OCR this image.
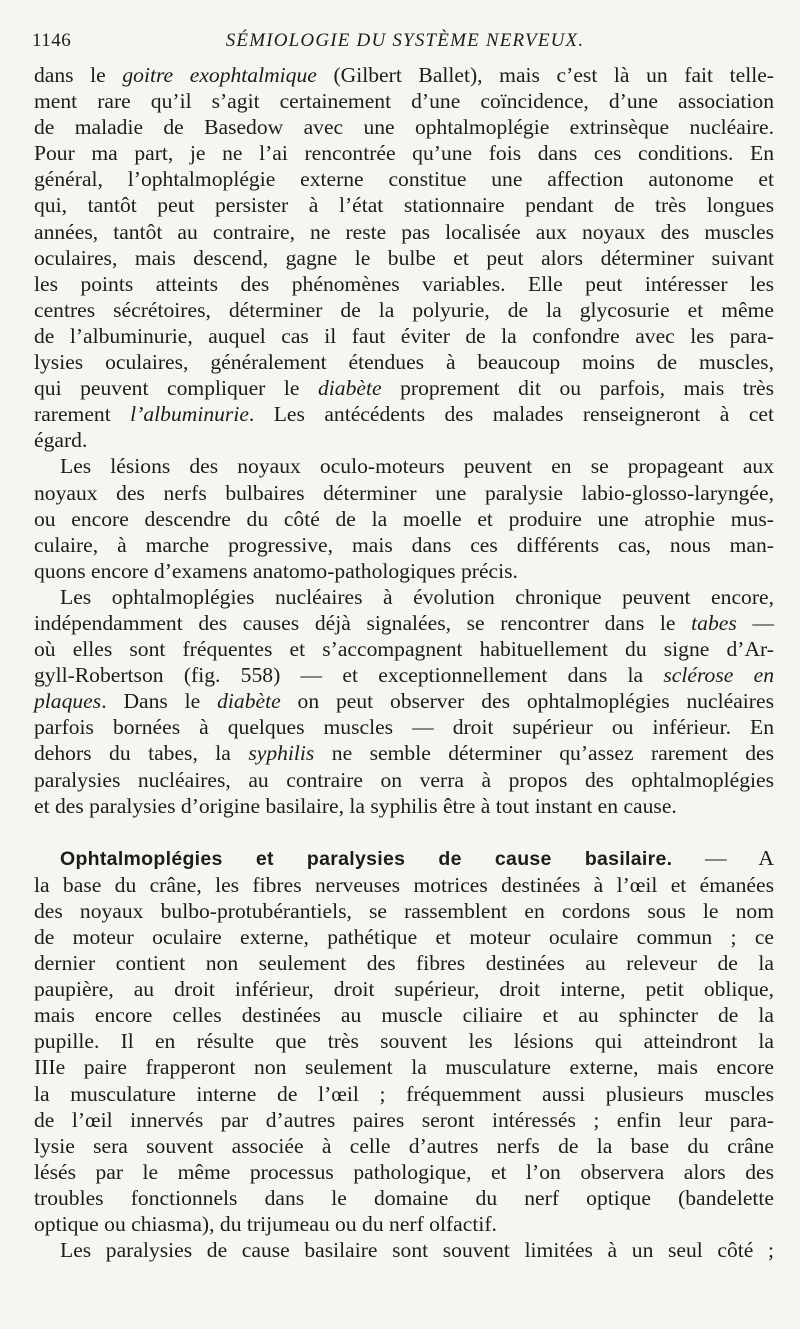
1146	SÉMIOLOGIE DU SYSTÈME NERVEUX.
dans le goitre exophtalmique (Gilbert Ballet), mais c’est là un fait telle-
ment rare qu’il s’agit certainement d’une coïncidence, d’une association
de maladie de Basedow avec une ophtalmoplégie extrinsèque nucléaire.
Pour ma part, je ne l’ai rencontrée qu’une fois dans ces conditions. En
général, l’ophtalmoplégie externe constitue une affection autonome et
qui, tantôt peut persister à l’état stationnaire pendant de très longues
années, tantôt au contraire, ne reste pas localisée aux noyaux des muscles
oculaires, mais descend, gagne le bulbe et peut alors déterminer suivant
les points atteints des phénomènes variables. Elle peut intéresser les
centres sécrétoires, déterminer de la polyurie, de la glycosurie et même
de l’albuminurie, auquel cas il faut éviter de la confondre avec les para-
lysies oculaires, généralement étendues à beaucoup moins de muscles,
qui peuvent compliquer le diabète proprement dit ou parfois, mais très
rarement l’albuminurie. Les antécédents des malades renseigneront à cet
égard.
Les lésions des noyaux oculo-moteurs peuvent en se propageant aux
noyaux des nerfs bulbaires déterminer une paralysie labio-glosso-laryngée,
ou encore descendre du côté de la moelle et produire une atrophie mus-
culaire, à marche progressive, mais dans ces différents cas, nous man-
quons encore d’examens anatomo-pathologiques précis.
Les ophtalmoplégies nucléaires à évolution chronique peuvent encore,
indépendamment des causes déjà signalées, se rencontrer dans le tabes —
où elles sont fréquentes et s’accompagnent habituellement du signe d’Ar-
gyll-Robertson (fig. 558) — et exceptionnellement dans la sclérose en
plaques. Dans le diabète on peut observer des ophtalmoplégies nucléaires
parfois bornées à quelques muscles — droit supérieur ou inférieur. En
dehors du tabes, la syphilis ne semble déterminer qu’assez rarement des
paralysies nucléaires, au contraire on verra à propos des ophtalmoplégies
et des paralysies d’origine basilaire, la syphilis être à tout instant en cause.
Ophtalmoplégies et paralysies de cause basilaire. — A
la base du crâne, les fibres nerveuses motrices destinées à l’œil et émanées
des noyaux bulbo-protubérantiels, se rassemblent en cordons sous le nom
de moteur oculaire externe, pathétique et moteur oculaire commun ; ce
dernier contient non seulement des fibres destinées au releveur de la
paupière, au droit inférieur, droit supérieur, droit interne, petit oblique,
mais encore celles destinées au muscle ciliaire et au sphincter de la
pupille. Il en résulte que très souvent les lésions qui atteindront la
IIIe paire frapperont non seulement la musculature externe, mais encore
la musculature interne de l’œil ; fréquemment aussi plusieurs muscles
de l’œil innervés par d’autres paires seront intéressés ; enfin leur para-
lysie sera souvent associée à celle d’autres nerfs de la base du crâne
lésés par le même processus pathologique, et l’on observera alors des
troubles fonctionnels dans le domaine du nerf optique (bandelette
optique ou chiasma), du trijumeau ou du nerf olfactif.
Les paralysies de cause basilaire sont souvent limitées à un seul côté ;
